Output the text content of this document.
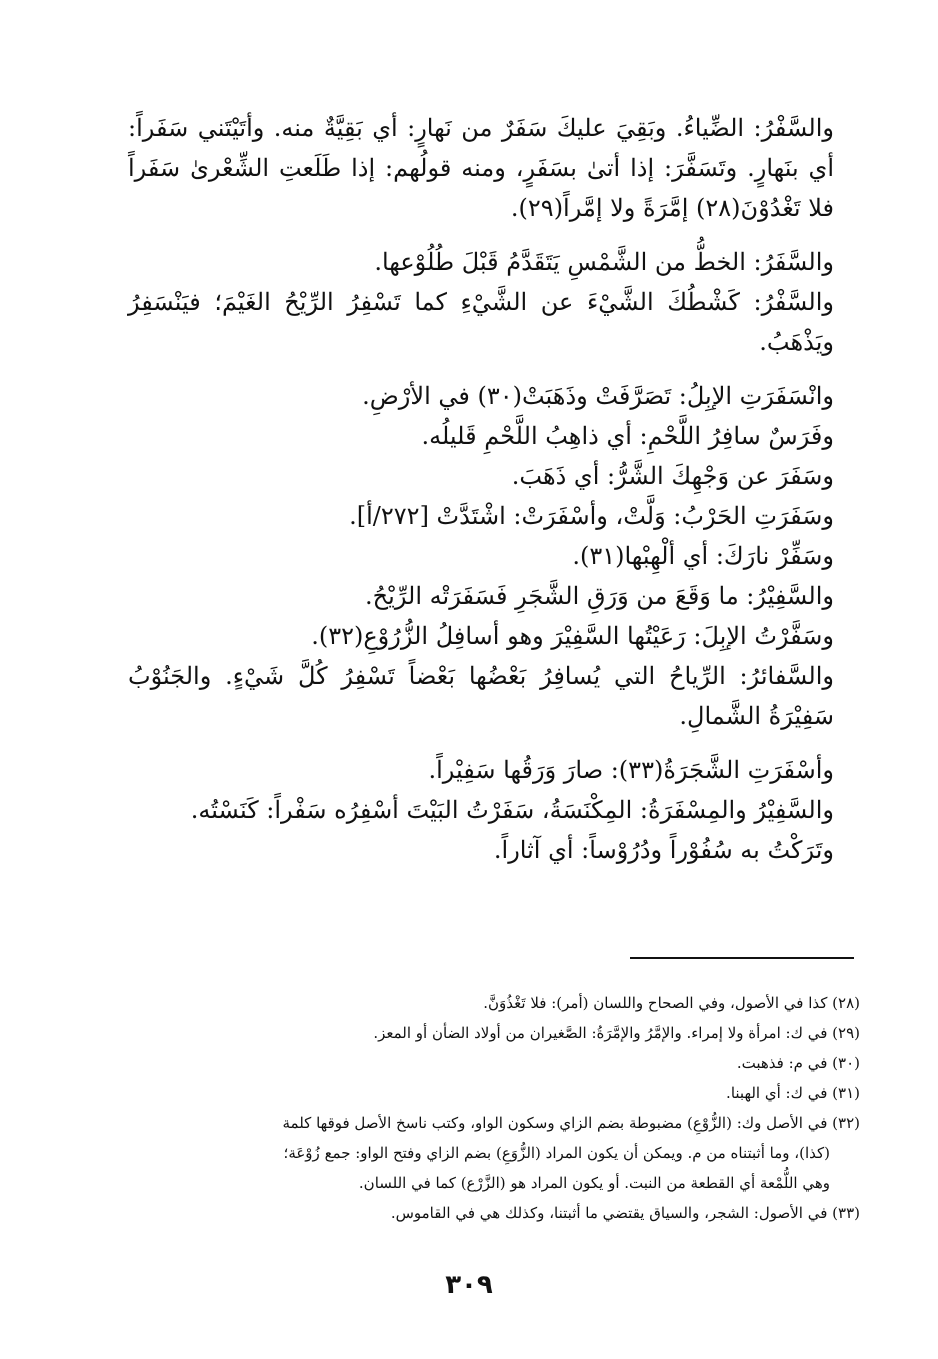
والسَّفْرُ: الضِّياءُ. وبَقِيَ عليكَ سَفَرٌ من نَهارٍ: أي بَقِيَّةٌ منه. وأتَيْتَني سَفَراً: أي بنَهارٍ. وتَسَفَّرَ: إذا أتىٰ بسَفَرٍ، ومنه قولُهم: إذا طَلَعتِ الشِّعْرىٰ سَفَراً فلا تَغْدُوْنَ(٢٨) إمَّرَةً ولا إمَّراً(٢٩).

والسَّفَرُ: الخطُّ من الشَّمْسِ يَتَقَدَّمُ قَبْلَ طُلُوْعها.

والسَّفْرُ: كَشْطُكَ الشَّيْءَ عن الشَّيْءِ كما تَسْفِرُ الرِّيْحُ الغَيْمَ؛ فيَنْسَفِرُ ويَذْهَبُ.

وانْسَفَرَتِ الإبِلُ: تَصَرَّفَتْ وذَهَبَتْ(٣٠) في الأرْضِ.

وفَرَسٌ سافِرُ اللَّحْمِ: أي ذاهِبُ اللَّحْمِ قَليلُه.

وسَفَرَ عن وَجْهِكَ الشَّرُّ: أي ذَهَبَ.

وسَفَرَتِ الحَرْبُ: وَلَّتْ، وأسْفَرَتْ: اشْتَدَّتْ [٢٧٢/أ].

وسَفِّرْ نارَكَ: أي ألْهِبْها(٣١).

والسَّفِيْرُ: ما وَقَعَ من وَرَقِ الشَّجَرِ فَسَفَرَتْه الرِّيْحُ.

وسَفَّرْتُ الإبِلَ: رَعَيْتُها السَّفِيْرَ وهو أسافِلُ الزُّرُوْعِ(٣٢).

والسَّفائرُ: الرِّياحُ التي يُسافِرُ بَعْضُها بَعْضاً تَسْفِرُ كُلَّ شَيْءٍ. والجَنُوْبُ سَفِيْرَةُ الشَّمالِ.

وأسْفَرَتِ الشَّجَرَةُ(٣٣): صارَ وَرَقُها سَفِيْراً.

والسَّفِيْرُ والمِسْفَرَةُ: المِكْنَسَةُ، سَفَرْتُ البَيْتَ أسْفِرُه سَفْراً: كَنَسْتُه.

وتَرَكْتُ به سُفُوْراً ودُرُوْساً: أي آثاراً.

(٢٨) كذا في الأصول، وفي الصحاح واللسان (أمر): فلا تَغْذُوَنَّ.

(٢٩) في ك: امرأة ولا إمراء. والإمَّرُ والإمَّرَةُ: الصَّغيران من أولاد الضأن أو المعز.

(٣٠) في م: فذهبت.

(٣١) في ك: أي الهبنا.

(٣٢) في الأصل وك: (الزُّوْعِ) مضبوطة بضم الزاي وسكون الواو، وكتب ناسخ الأصل فوقها كلمة

(كذا)، وما أثبتناه من م. ويمكن أن يكون المراد (الزُّوَعِ) بضم الزاي وفتح الواو: جمع زُوْعَة؛

وهي اللُّمْعة أي القطعة من النبت. أو يكون المراد هو (الزَّرْع) كما في اللسان.

(٣٣) في الأصول: الشجر، والسياق يقتضي ما أثبتنا، وكذلك هي في القاموس.

٣٠٩
